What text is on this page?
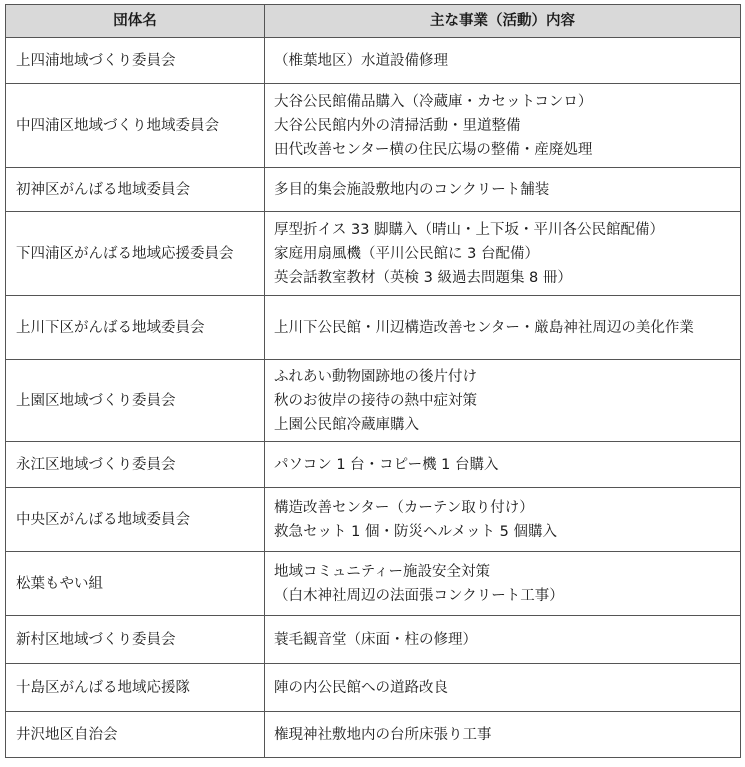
団体名	主な事業（活動）内容
上四浦地域づくり委員会	（椎葉地区）水道設備修理

中四浦区地域づくり地域委員会	大谷公民館備品購入（冷蔵庫・カセットコンロ）
大谷公民館内外の清掃活動・里道整備
田代改善センター横の住民広場の整備・産廃処理

初神区がんばる地域委員会	多目的集会施設敷地内のコンクリート舗装

下四浦区がんばる地域応援委員会	厚型折イス 33 脚購入（晴山・上下坂・平川各公民館配備）
家庭用扇風機（平川公民館に 3 台配備）
英会話教室教材（英検 3 級過去問題集 8 冊）

上川下区がんばる地域委員会	上川下公民館・川辺構造改善センター・厳島神社周辺の美化作業

上園区地域づくり委員会	ふれあい動物園跡地の後片付け
秋のお彼岸の接待の熱中症対策
上園公民館冷蔵庫購入

永江区地域づくり委員会	パソコン 1 台・コピー機 1 台購入

中央区がんばる地域委員会	構造改善センター（カーテン取り付け）
救急セット 1 個・防災ヘルメット 5 個購入

松葉もやい組	地域コミュニティー施設安全対策
（白木神社周辺の法面張コンクリート工事）

新村区地域づくり委員会	蓑毛観音堂（床面・柱の修理）

十島区がんばる地域応援隊	陣の内公民館への道路改良

井沢地区自治会	権現神社敷地内の台所床張り工事
